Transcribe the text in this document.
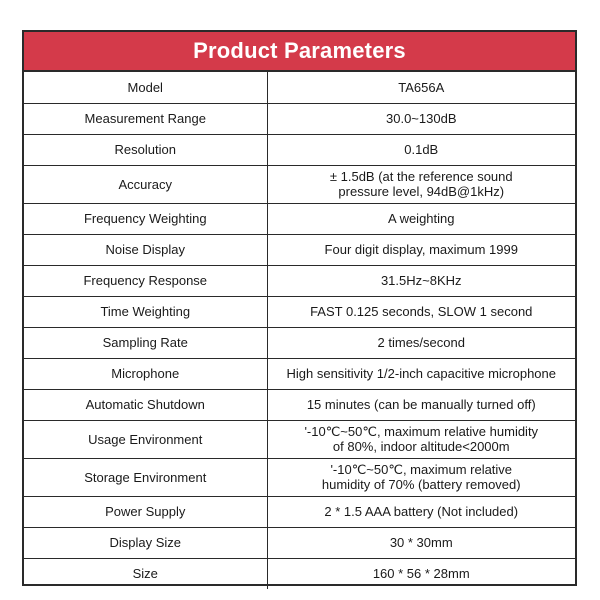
Product Parameters
Model	TA656A
Measurement Range	30.0~130dB
Resolution	0.1dB
Accuracy	± 1.5dB (at the reference sound
pressure level, 94dB@1kHz)
Frequency Weighting	A weighting
Noise Display	Four digit display, maximum 1999
Frequency Response	31.5Hz~8KHz
Time Weighting	FAST 0.125 seconds, SLOW 1 second
Sampling Rate	2 times/second
Microphone	High sensitivity 1/2-inch capacitive microphone
Automatic Shutdown	15 minutes (can be manually turned off)
Usage Environment	'-10℃~50℃, maximum relative humidity
of 80%, indoor altitude<2000m
Storage Environment	'-10℃~50℃, maximum relative
humidity of 70% (battery removed)
Power Supply	2 * 1.5 AAA battery (Not included)
Display Size	30 * 30mm
Size	160 * 56 * 28mm
